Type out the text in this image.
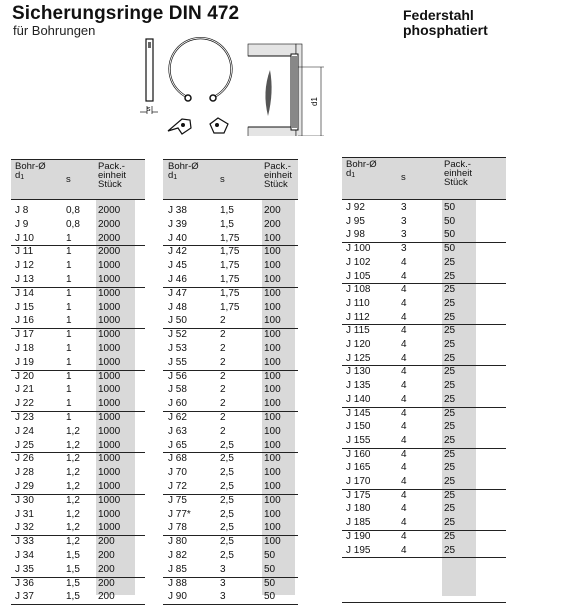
Sicherungsringe DIN 472
für Bohrungen
Federstahl
phosphatiert
s
d1
Bohr-Ø
d1	s
Pack.-
einheit
Stück
J 8	0,8 2000
J 9	0,8 2000
J 10	1	2000
J 11	1	2000
J 12	1	1000
J 13	1	1000
J 14	1	1000
J 15	1	1000
J 16	1	1000
J 17	1	1000
J 18	1	1000
J 19	1	1000
J 20	1	1000
J 21	1	1000
J 22	1	1000
J 23	1	1000
J 24	1,2 1000
J 25	1,2 1000
J 26	1,2 1000
J 28	1,2 1000
J 29	1,2 1000
J 30	1,2 1000
J 31	1,2 1000
J 32	1,2 1000
J 33	1,2 200
J 34	1,5 200
J 35	1,5 200
J 36	1,5 200
J 37	1,5 200
Bohr-Ø
d1	s
Pack.-
einheit
Stück
J 38	1,5	200
J 39	1,5	200
J 40	1,75 100
J 42	1,75 100
J 45	1,75 100
J 46	1,75 100
J 47	1,75 100
J 48	1,75 100
J 50	2	100
J 52	2	100
J 53	2	100
J 55	2	100
J 56	2	100
J 58	2	100
J 60	2	100
J 62	2	100
J 63	2	100
J 65	2,5	100
J 68	2,5	100
J 70	2,5	100
J 72	2,5	100
J 75	2,5	100
J 77*	2,5	100
J 78	2,5	100
J 80	2,5	100
J 82	2,5	50
J 85	3	50
J 88	3	50
J 90	3	50
Bohr-Ø
d1	s
Pack.-
einheit
Stück
J 92	3	50
J 95	3	50
J 98	3	50
J 100	3	50
J 102	4	25
J 105	4	25
J 108	4	25
J 110	4	25
J 112	4	25
J 115	4	25
J 120	4	25
J 125	4	25
J 130	4	25
J 135	4	25
J 140	4	25
J 145	4	25
J 150	4	25
J 155	4	25
J 160	4	25
J 165	4	25
J 170	4	25
J 175	4	25
J 180	4	25
J 185	4	25
J 190	4	25
J 195	4	25
